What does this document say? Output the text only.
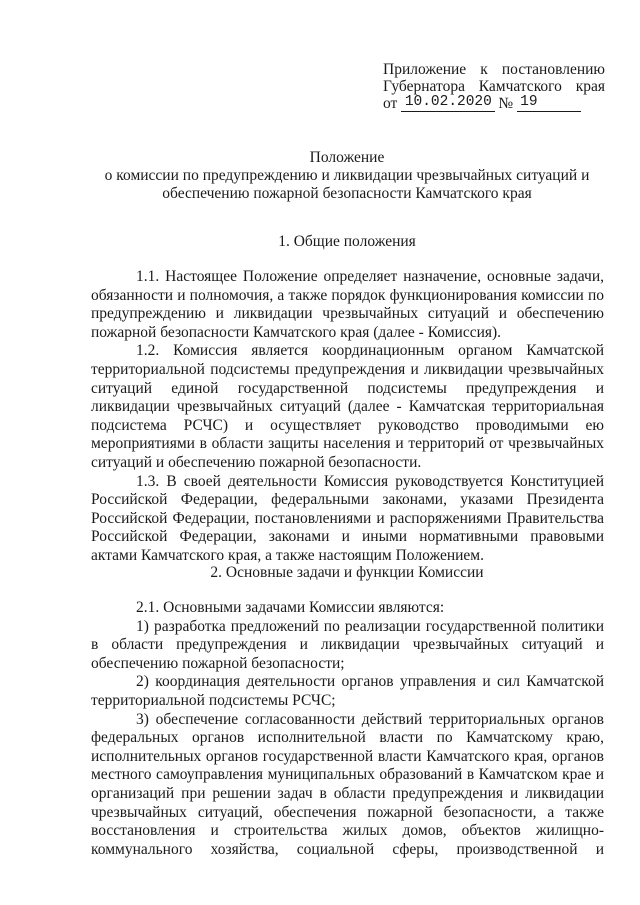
Приложение к постановлению
Губернатора Камчатского края
от 10.02.2020 № 19
Положение
о комиссии по предупреждению и ликвидации чрезвычайных ситуаций и
обеспечению пожарной безопасности Камчатского края
1. Общие положения

1.1. Настоящее Положение определяет назначение, основные задачи, обязанности и полномочия, а также порядок функционирования комиссии по предупреждению и ликвидации чрезвычайных ситуаций и обеспечению пожарной безопасности Камчатского края (далее - Комиссия).

1.2. Комиссия является координационным органом Камчатской территориальной подсистемы предупреждения и ликвидации чрезвычайных ситуаций единой государственной подсистемы предупреждения и ликвидации чрезвычайных ситуаций (далее - Камчатская территориальная подсистема РСЧС) и осуществляет руководство проводимыми ею мероприятиями в области защиты населения и территорий от чрезвычайных ситуаций и обеспечению пожарной безопасности.

1.3. В своей деятельности Комиссия руководствуется Конституцией Российской Федерации, федеральными законами, указами Президента Российской Федерации, постановлениями и распоряжениями Правительства Российской Федерации, законами и иными нормативными правовыми актами Камчатского края, а также настоящим Положением.

2. Основные задачи и функции Комиссии

2.1. Основными задачами Комиссии являются:

1) разработка предложений по реализации государственной политики в области предупреждения и ликвидации чрезвычайных ситуаций и обеспечению пожарной безопасности;

2) координация деятельности органов управления и сил Камчатской территориальной подсистемы РСЧС;

3) обеспечение согласованности действий территориальных органов федеральных органов исполнительной власти по Камчатскому краю, исполнительных органов государственной власти Камчатского края, органов местного самоуправления муниципальных образований в Камчатском крае и организаций при решении задач в области предупреждения и ликвидации чрезвычайных ситуаций, обеспечения пожарной безопасности, а также восстановления и строительства жилых домов, объектов жилищно-коммунального хозяйства, социальной сферы, производственной и
